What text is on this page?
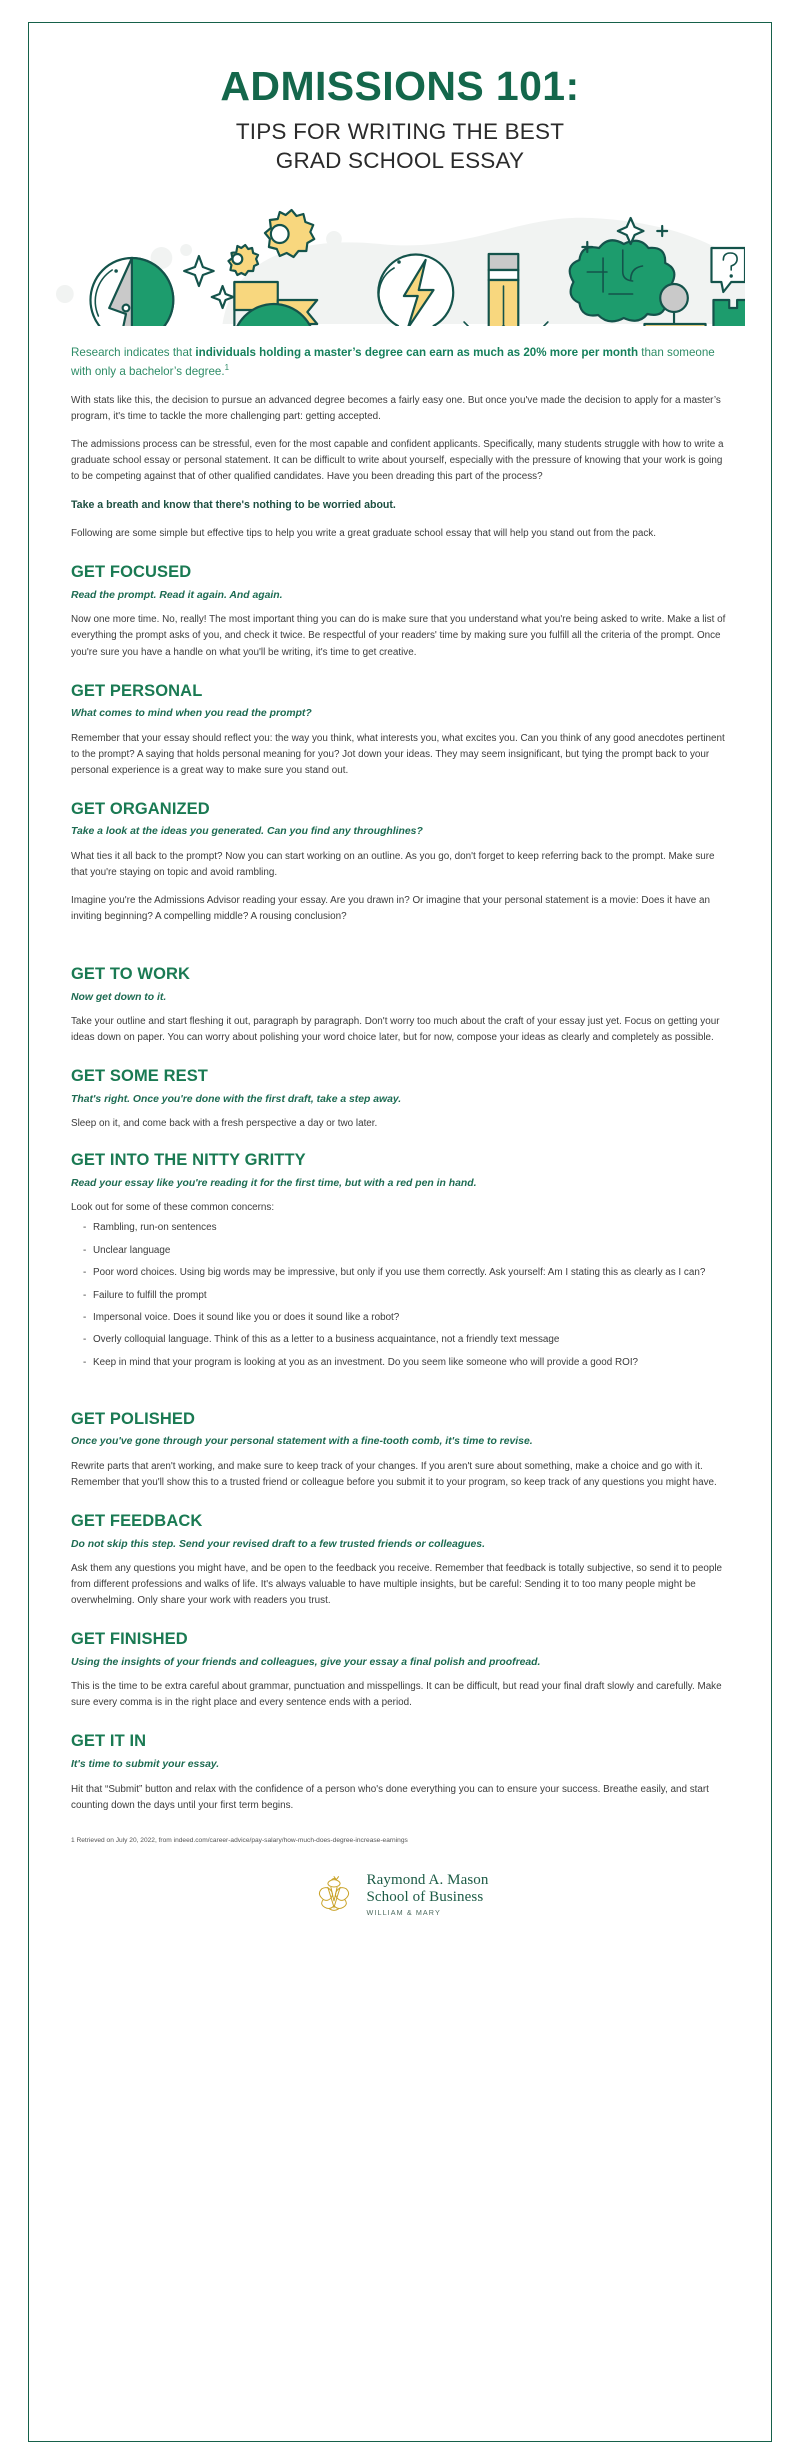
ADMISSIONS 101:
TIPS FOR WRITING THE BEST
GRAD SCHOOL ESSAY

Research indicates that individuals holding a master’s degree can earn as much as 20% more per month than someone with only a bachelor’s degree.$^1$

With stats like this, the decision to pursue an advanced degree becomes a fairly easy one. But once you've made the decision to apply for a master’s program, it's time to tackle the more challenging part: getting accepted.

The admissions process can be stressful, even for the most capable and confident applicants. Specifically, many students struggle with how to write a graduate school essay or personal statement. It can be difficult to write about yourself, especially with the pressure of knowing that your work is going to be competing against that of other qualified candidates. Have you been dreading this part of the process?

Take a breath and know that there's nothing to be worried about.

Following are some simple but effective tips to help you write a great graduate school essay that will help you stand out from the pack.

GET FOCUSED

Read the prompt. Read it again. And again.

Now one more time. No, really! The most important thing you can do is make sure that you understand what you're being asked to write. Make a list of everything the prompt asks of you, and check it twice. Be respectful of your readers' time by making sure you fulfill all the criteria of the prompt. Once you're sure you have a handle on what you'll be writing, it's time to get creative.

GET PERSONAL

What comes to mind when you read the prompt?

Remember that your essay should reflect you: the way you think, what interests you, what excites you. Can you think of any good anecdotes pertinent to the prompt? A saying that holds personal meaning for you? Jot down your ideas. They may seem insignificant, but tying the prompt back to your personal experience is a great way to make sure you stand out.

GET ORGANIZED

Take a look at the ideas you generated. Can you find any throughlines?

What ties it all back to the prompt? Now you can start working on an outline. As you go, don't forget to keep referring back to the prompt. Make sure that you're staying on topic and avoid rambling.

Imagine you're the Admissions Advisor reading your essay. Are you drawn in? Or imagine that your personal statement is a movie: Does it have an inviting beginning? A compelling middle? A rousing conclusion?

GET TO WORK

Now get down to it.

Take your outline and start fleshing it out, paragraph by paragraph. Don't worry too much about the craft of your essay just yet. Focus on getting your ideas down on paper. You can worry about polishing your word choice later, but for now, compose your ideas as clearly and completely as possible.

GET SOME REST

That's right. Once you're done with the first draft, take a step away.

Sleep on it, and come back with a fresh perspective a day or two later.

GET INTO THE NITTY GRITTY

Read your essay like you're reading it for the first time, but with a red pen in hand.

Look out for some of these common concerns:

- Rambling, run-on sentences
- Unclear language
- Poor word choices. Using big words may be impressive, but only if you use them correctly. Ask yourself: Am I stating this as clearly as I can?
- Failure to fulfill the prompt
- Impersonal voice. Does it sound like you or does it sound like a robot?
- Overly colloquial language. Think of this as a letter to a business acquaintance, not a friendly text message
- Keep in mind that your program is looking at you as an investment. Do you seem like someone who will provide a good ROI?
GET POLISHED

Once you've gone through your personal statement with a fine-tooth comb, it's time to revise.

Rewrite parts that aren't working, and make sure to keep track of your changes. If you aren't sure about something, make a choice and go with it. Remember that you'll show this to a trusted friend or colleague before you submit it to your program, so keep track of any questions you might have.

GET FEEDBACK

Do not skip this step. Send your revised draft to a few trusted friends or colleagues.

Ask them any questions you might have, and be open to the feedback you receive. Remember that feedback is totally subjective, so send it to people from different professions and walks of life. It's always valuable to have multiple insights, but be careful: Sending it to too many people might be overwhelming. Only share your work with readers you trust.

GET FINISHED

Using the insights of your friends and colleagues, give your essay a final polish and proofread.

This is the time to be extra careful about grammar, punctuation and misspellings. It can be difficult, but read your final draft slowly and carefully. Make sure every comma is in the right place and every sentence ends with a period.

GET IT IN

It's time to submit your essay.

Hit that “Submit” button and relax with the confidence of a person who's done everything you can to ensure your success. Breathe easily, and start counting down the days until your first term begins.

1 Retrieved on July 20, 2022, from indeed.com/career-advice/pay-salary/how-much-does-degree-increase-earnings

Raymond A. Mason
School of Business
WILLIAM & MARY
